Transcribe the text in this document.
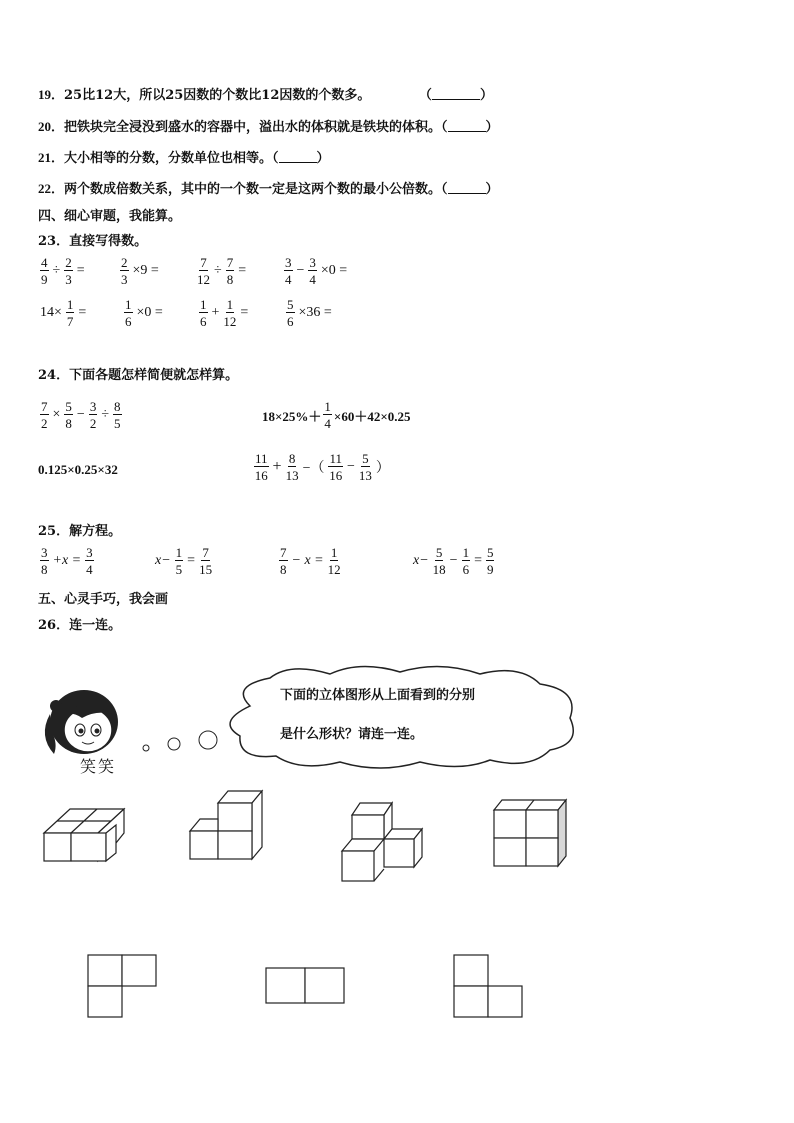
19．25比12大，所以25因数的个数比12因数的个数多。	（	）
20．把铁块完全浸没到盛水的容器中，溢出水的体积就是铁块的体积。（	）
21．大小相等的分数，分数单位也相等。（	）
22．两个数成倍数关系，其中的一个数一定是这两个数的最小公倍数。（	）
四、细心审题，我能算。
23．直接写得数。
$\frac{4}{9} \div \frac{2}{3}$ =	$\frac{2}{3} \times 9$ =	$\frac{7}{12} \div \frac{7}{8}$ =	$\frac{3}{4} - \frac{3}{4} \times 0$ =
$14\times \frac{1}{7}$ =	$\frac{1}{6} \times 0$ =	$\frac{1}{6} + \frac{1}{12}$ =	$\frac{5}{6} \times 36$ =
24．下面各题怎样简便就怎样算。
$\frac{7}{2} \times \frac{5}{8} - \frac{3}{2} \div \frac{8}{5}$	$18\times 25\%+ \frac{1}{4} \times 60+42\times 0.25$
0.125×0.25×32	$\frac{11}{16} + \frac{8}{13}$ −（ $\frac{11}{16} - \frac{5}{13}$ ）
25．解方程。
$\frac{3}{8} +x = \frac{3}{4}$	$x- \frac{1}{5} = \frac{7}{15}$	$\frac{7}{8} - x = \frac{1}{12}$	$x- \frac{5}{18} - \frac{1}{6} = \frac{5}{9}$
五、心灵手巧，我会画
26．连一连。
笑笑
下面的立体图形从上面看到的分别
是什么形状？请连一连。
